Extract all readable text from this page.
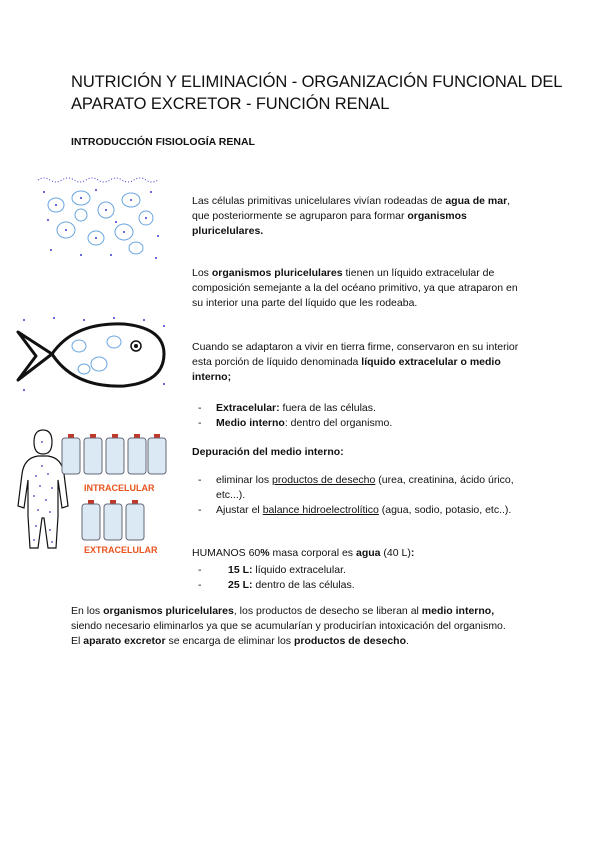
NUTRICIÓN Y ELIMINACIÓN - ORGANIZACIÓN FUNCIONAL DEL APARATO EXCRETOR - FUNCIÓN RENAL
INTRODUCCIÓN FISIOLOGÍA RENAL
Las células primitivas unicelulares vivían rodeadas de agua de mar, que posteriormente se agruparon para formar organismos pluricelulares.
Los organismos pluricelulares tienen un líquido extracelular de composición semejante a la del océano primitivo, ya que atraparon en su interior una parte del líquido que les rodeaba.
Cuando se adaptaron a vivir en tierra firme, conservaron en su interior esta porción de líquido denominada líquido extracelular o medio interno;
- Extracelular: fuera de las células.
- Medio interno: dentro del organismo.
INTRACELULAR
EXTRACELULAR
Depuración del medio interno:
- eliminar los productos de desecho (urea, creatinina, ácido úrico, etc...).
- Ajustar el balance hidroelectrolítico (agua, sodio, potasio, etc..).
HUMANOS 60% masa corporal es agua (40 L):
- 15 L: líquido extracelular.
- 25 L: dentro de las células.
En los organismos pluricelulares, los productos de desecho se liberan al medio interno, siendo necesario eliminarlos ya que se acumularían y producirían intoxicación del organismo.
El aparato excretor se encarga de eliminar los productos de desecho.
